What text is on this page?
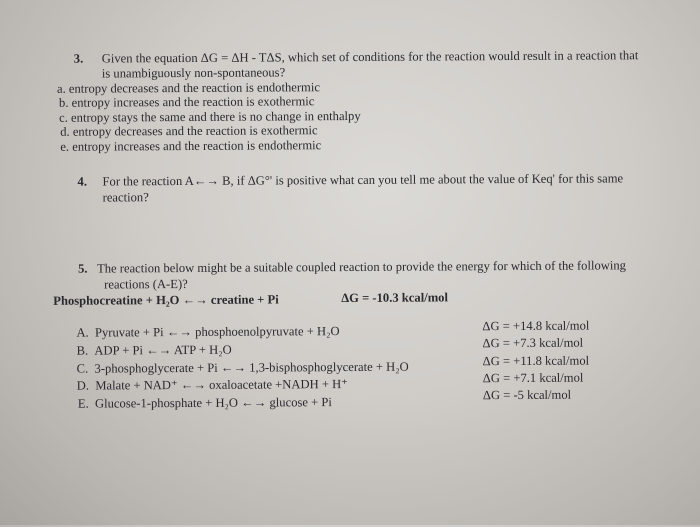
3. Given the equation ΔG = ΔH - TΔS, which set of conditions for the reaction would result in a reaction that
is unambiguously non-spontaneous?
a. entropy decreases and the reaction is endothermic
b. entropy increases and the reaction is exothermic
c. entropy stays the same and there is no change in enthalpy
d. entropy decreases and the reaction is exothermic
e. entropy increases and the reaction is endothermic
4. For the reaction A←→ B, if ΔG°' is positive what can you tell me about the value of Keq' for this same
reaction?
5. The reaction below might be a suitable coupled reaction to provide the energy for which of the following
reactions (A-E)?
Phosphocreatine + H₂O ←→ creatine + Pi	ΔG = -10.3 kcal/mol
A. Pyruvate + Pi ←→ phosphoenolpyruvate + H₂O
B. ADP + Pi ←→ ATP + H₂O
C. 3-phosphoglycerate + Pi ←→ 1,3-bisphosphoglycerate + H₂O
D. Malate + NAD⁺ ←→ oxaloacetate +NADH + H⁺
E. Glucose-1-phosphate + H₂O ←→ glucose + Pi
ΔG = +14.8 kcal/mol
ΔG = +7.3 kcal/mol
ΔG = +11.8 kcal/mol
ΔG = +7.1 kcal/mol
ΔG = -5 kcal/mol
